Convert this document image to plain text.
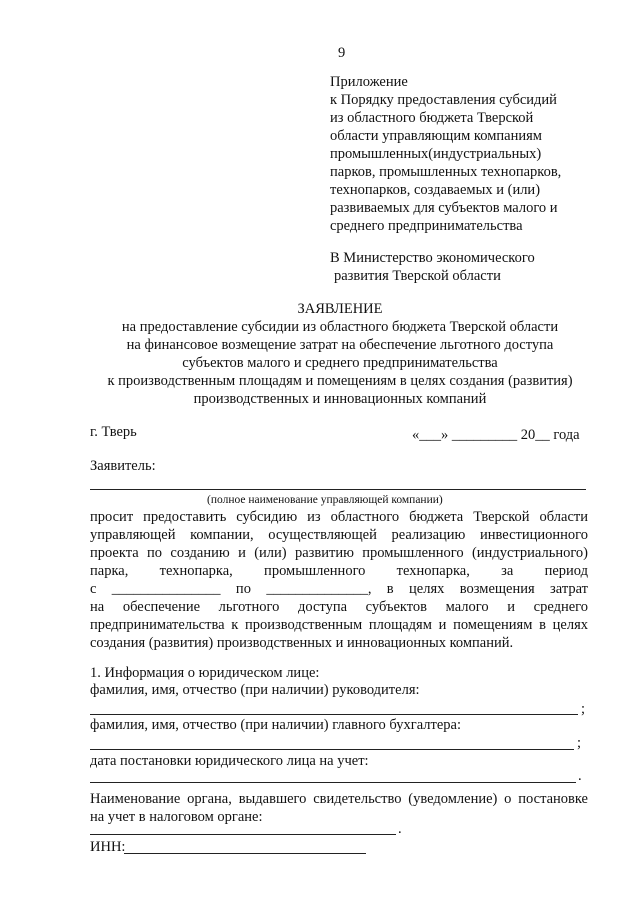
9
Приложение
к Порядку предоставления субсидий
из областного бюджета Тверской
области управляющим компаниям
промышленных(индустриальных)
парков, промышленных технопарков,
технопарков, создаваемых и (или)
развиваемых для субъектов малого и
среднего предпринимательства
В Министерство экономического
развития Тверской области
ЗАЯВЛЕНИЕ
на предоставление субсидии из областного бюджета Тверской области
на финансовое возмещение затрат на обеспечение льготного доступа
субъектов малого и среднего предпринимательства
к производственным площадям и помещениям в целях создания (развития)
производственных и инновационных компаний
г. Тверь	«___» _________ 20__ года
Заявитель:
(полное наименование управляющей компании)
просит предоставить субсидию из областного бюджета Тверской области
управляющей компании, осуществляющей реализацию инвестиционного
проекта по созданию и (или) развитию промышленного (индустриального)
парка, технопарка, промышленного технопарка, за период
с _______________ по ______________, в целях возмещения затрат
на обеспечение льготного доступа субъектов малого и среднего
предпринимательства к производственным площадям и помещениям в целях
создания (развития) производственных и инновационных компаний.
1. Информация о юридическом лице:
фамилия, имя, отчество (при наличии) руководителя:
;
фамилия, имя, отчество (при наличии) главного бухгалтера:
;
дата постановки юридического лица на учет:
.
Наименование органа, выдавшего свидетельство (уведомление) о постановке
на учет в налоговом органе:
.
ИНН:
